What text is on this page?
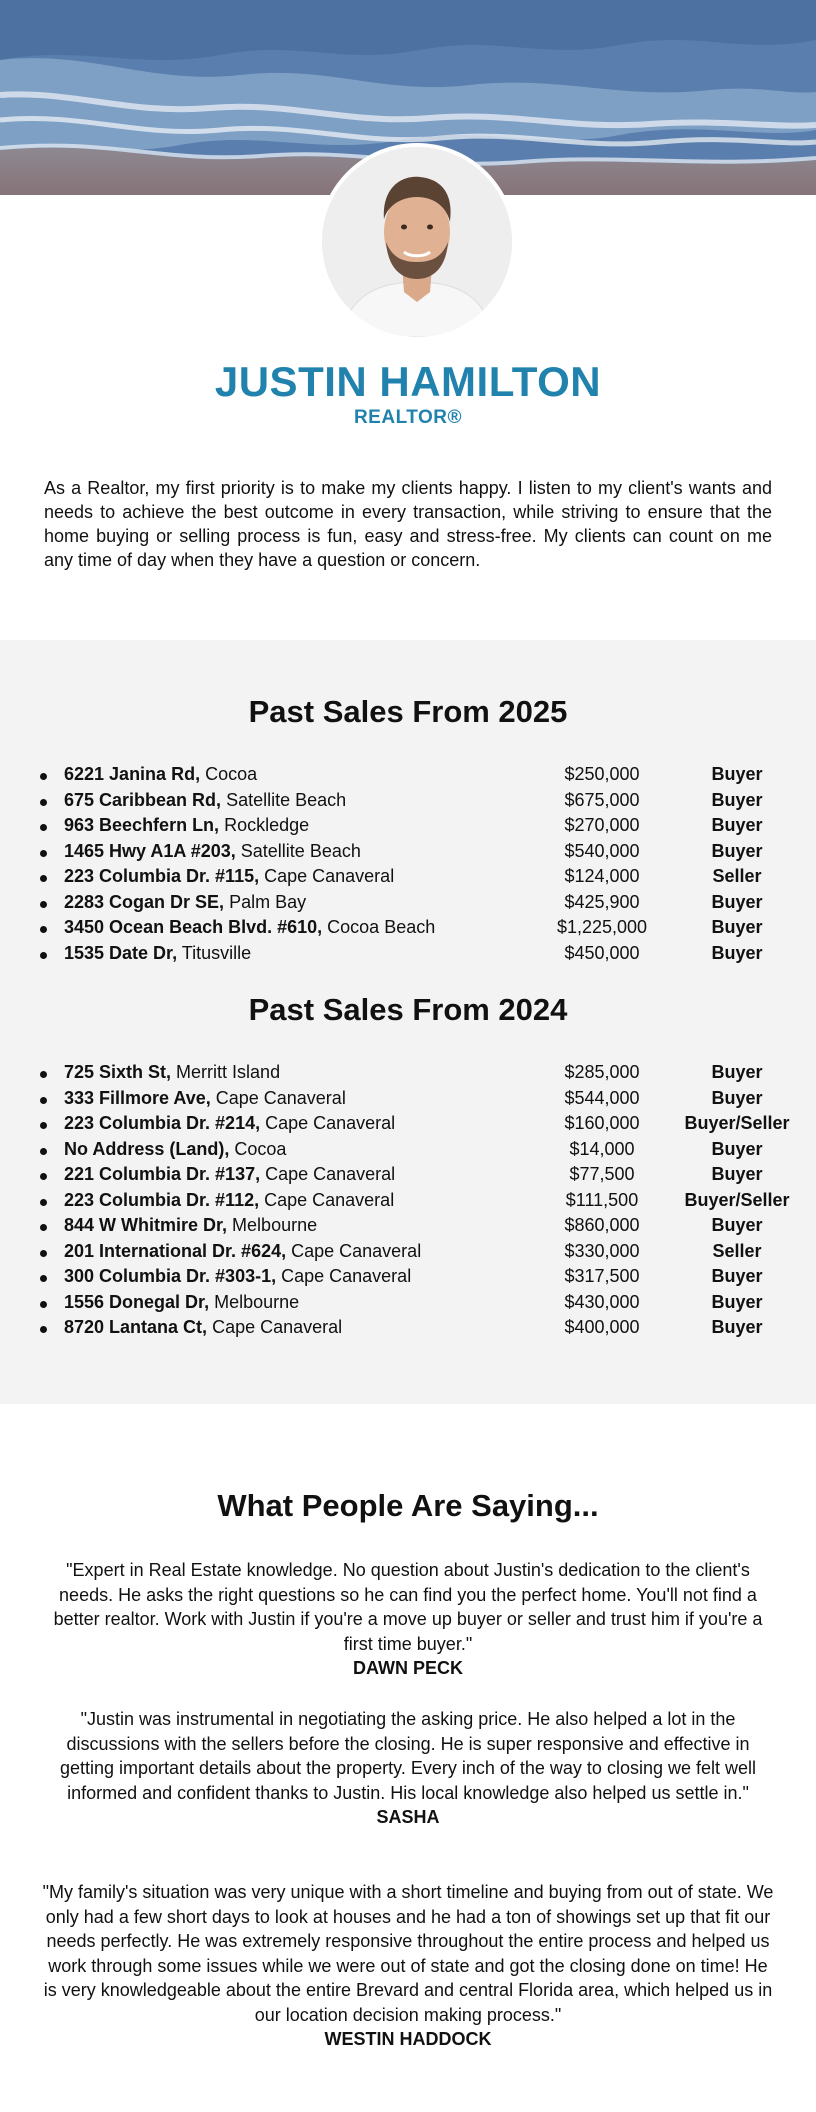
JUSTIN HAMILTON
REALTOR®

As a Realtor, my first priority is to make my clients happy. I listen to my client's wants and needs to achieve the best outcome in every transaction, while striving to ensure that the home buying or selling process is fun, easy and stress-free. My clients can count on me any time of day when they have a question or concern.

Past Sales From 2025
6221 Janina Rd, Cocoa	$250,000	Buyer
675 Caribbean Rd, Satellite Beach	$675,000	Buyer
963 Beechfern Ln, Rockledge	$270,000	Buyer
1465 Hwy A1A #203, Satellite Beach	$540,000	Buyer
223 Columbia Dr. #115, Cape Canaveral	$124,000	Seller
2283 Cogan Dr SE, Palm Bay	$425,900	Buyer
3450 Ocean Beach Blvd. #610, Cocoa Beach	$1,225,000	Buyer
1535 Date Dr, Titusville	$450,000	Buyer
Past Sales From 2024
725 Sixth St, Merritt Island	$285,000	Buyer
333 Fillmore Ave, Cape Canaveral	$544,000	Buyer
223 Columbia Dr. #214, Cape Canaveral	$160,000	Buyer/Seller
No Address (Land), Cocoa	$14,000	Buyer
221 Columbia Dr. #137, Cape Canaveral	$77,500	Buyer
223 Columbia Dr. #112, Cape Canaveral	$111,500	Buyer/Seller
844 W Whitmire Dr, Melbourne	$860,000	Buyer
201 International Dr. #624, Cape Canaveral	$330,000	Seller
300 Columbia Dr. #303-1, Cape Canaveral	$317,500	Buyer
1556 Donegal Dr, Melbourne	$430,000	Buyer
8720 Lantana Ct, Cape Canaveral	$400,000	Buyer
What People Are Saying...

"Expert in Real Estate knowledge. No question about Justin's dedication to the client's needs. He asks the right questions so he can find you the perfect home. You'll not find a better realtor. Work with Justin if you're a move up buyer or seller and trust him if you're a first time buyer."

DAWN PECK

"Justin was instrumental in negotiating the asking price. He also helped a lot in the discussions with the sellers before the closing. He is super responsive and effective in getting important details about the property. Every inch of the way to closing we felt well informed and confident thanks to Justin. His local knowledge also helped us settle in."

SASHA

"My family's situation was very unique with a short timeline and buying from out of state. We only had a few short days to look at houses and he had a ton of showings set up that fit our needs perfectly. He was extremely responsive throughout the entire process and helped us work through some issues while we were out of state and got the closing done on time! He is very knowledgeable about the entire Brevard and central Florida area, which helped us in our location decision making process."

WESTIN HADDOCK
